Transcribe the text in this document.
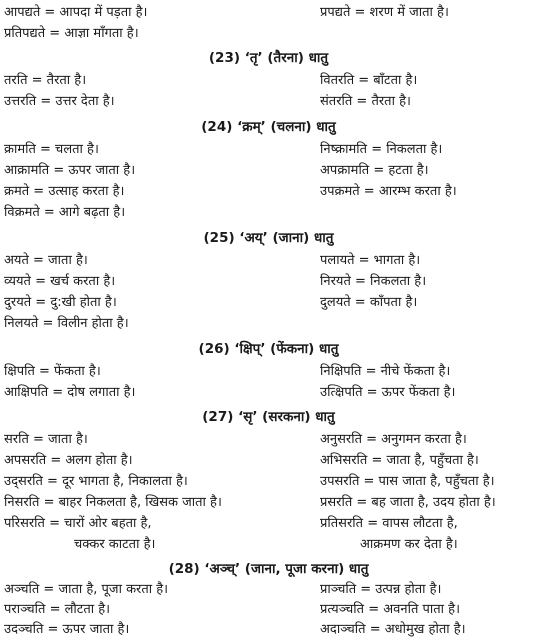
आपद्यते = आपदा में पड़ता है।	प्रपद्यते = शरण में जाता है।
प्रतिपद्यते = आज्ञा माँगता है।
(23) ‘तृ’ (तैरना) धातु
तरति = तैरता है।	वितरति = बाँटता है।
उत्तरति = उत्तर देता है।	संतरति = तैरता है।
(24) ‘क्रम्’ (चलना) धातु
क्रामति = चलता है।	निष्क्रामति = निकलता है।
आक्रामति = ऊपर जाता है।	अपक्रामति = हटता है।
क्रमते = उत्साह करता है।	उपक्रमते = आरम्भ करता है।
विक्रमते = आगे बढ़ता है।
(25) ‘अय्’ (जाना) धातु
अयते = जाता है।	पलायते = भागता है।
व्ययते = खर्च करता है।	निरयते = निकलता है।
दुरयते = दु:खी होता है।	दुलयते = काँपता है।
निलयते = विलीन होता है।
(26) ‘क्षिप्’ (फेंकना) धातु
क्षिपति = फेंकता है।	निक्षिपति = नीचे फेंकता है।
आक्षिपति = दोष लगाता है।	उत्क्षिपति = ऊपर फेंकता है।
(27) ‘सृ’ (सरकना) धातु
सरति = जाता है।	अनुसरति = अनुगमन करता है।
अपसरति = अलग होता है।	अभिसरति = जाता है, पहुँचता है।
उद्सरति = दूर भागता है, निकालता है।	उपसरति = पास जाता है, पहुँचता है।
निसरति = बाहर निकलता है, खिसक जाता है।	प्रसरति = बह जाता है, उदय होता है।
परिसरति = चारों ओर बहता है,	प्रतिसरति = वापस लौटता है,
चक्कर काटता है।	आक्रमण कर देता है।
(28) ‘अञ्च्’ (जाना, पूजा करना) धातु
अञ्चति = जाता है, पूजा करता है।	प्राञ्चति = उत्पन्न होता है।
पराञ्चति = लौटता है।	प्रत्यञ्चति = अवनति पाता है।
उदञ्चति = ऊपर जाता है।	अदाञ्चति = अधोमुख होता है।
